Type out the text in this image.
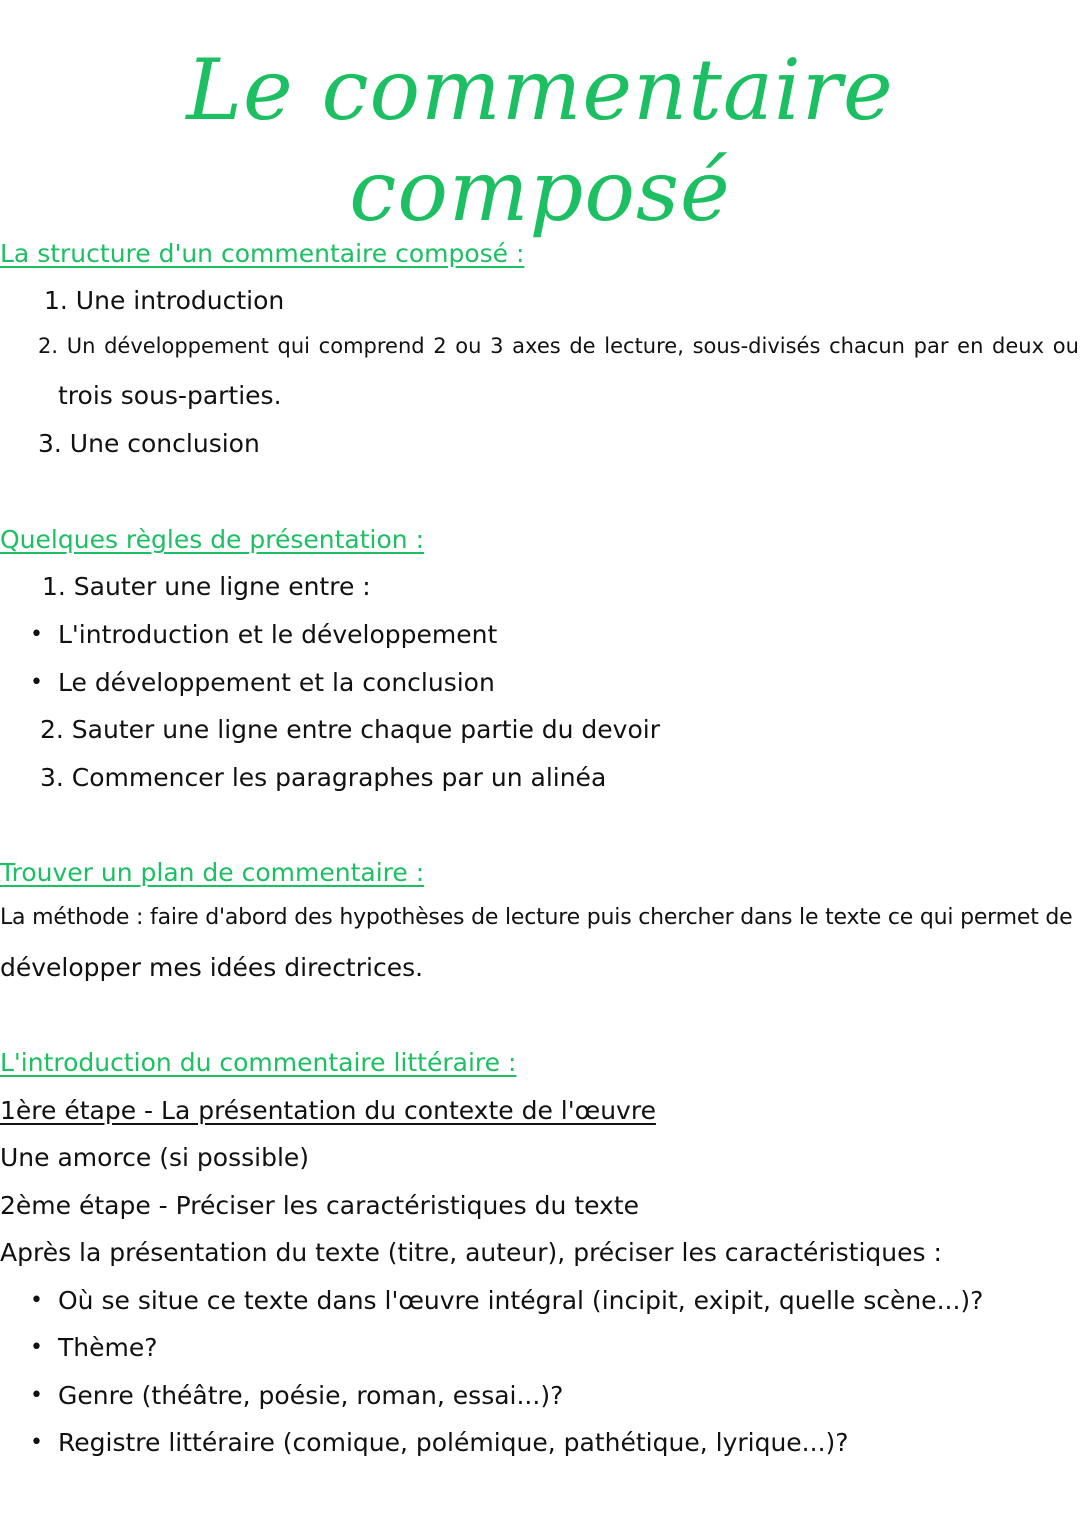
Le commentaire composé
La structure d'un commentaire composé :
1. Une introduction
2. Un développement qui comprend 2 ou 3 axes de lecture, sous-divisés chacun par en deux ou
trois sous-parties.
3. Une conclusion
Quelques règles de présentation :
1. Sauter une ligne entre :
• L'introduction et le développement
• Le développement et la conclusion
2. Sauter une ligne entre chaque partie du devoir
3. Commencer les paragraphes par un alinéa
Trouver un plan de commentaire :
La méthode : faire d'abord des hypothèses de lecture puis chercher dans le texte ce qui permet de
développer mes idées directrices.
L'introduction du commentaire littéraire :
1ère étape - La présentation du contexte de l'œuvre
Une amorce (si possible)
2ème étape - Préciser les caractéristiques du texte
Après la présentation du texte (titre, auteur), préciser les caractéristiques :
• Où se situe ce texte dans l'œuvre intégral (incipit, exipit, quelle scène...)?
• Thème?
• Genre (théâtre, poésie, roman, essai...)?
• Registre littéraire (comique, polémique, pathétique, lyrique...)?
